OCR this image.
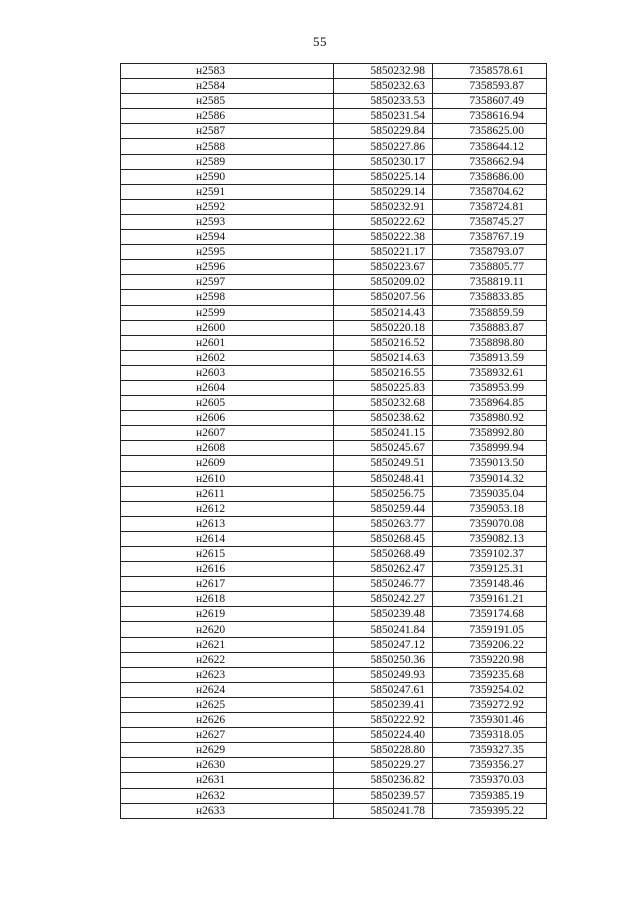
55
н2583	5850232.98	7358578.61
н2584	5850232.63	7358593.87
н2585	5850233.53	7358607.49
н2586	5850231.54	7358616.94
н2587	5850229.84	7358625.00
н2588	5850227.86	7358644.12
н2589	5850230.17	7358662.94
н2590	5850225.14	7358686.00
н2591	5850229.14	7358704.62
н2592	5850232.91	7358724.81
н2593	5850222.62	7358745.27
н2594	5850222.38	7358767.19
н2595	5850221.17	7358793.07
н2596	5850223.67	7358805.77
н2597	5850209.02	7358819.11
н2598	5850207.56	7358833.85
н2599	5850214.43	7358859.59
н2600	5850220.18	7358883.87
н2601	5850216.52	7358898.80
н2602	5850214.63	7358913.59
н2603	5850216.55	7358932.61
н2604	5850225.83	7358953.99
н2605	5850232.68	7358964.85
н2606	5850238.62	7358980.92
н2607	5850241.15	7358992.80
н2608	5850245.67	7358999.94
н2609	5850249.51	7359013.50
н2610	5850248.41	7359014.32
н2611	5850256.75	7359035.04
н2612	5850259.44	7359053.18
н2613	5850263.77	7359070.08
н2614	5850268.45	7359082.13
н2615	5850268.49	7359102.37
н2616	5850262.47	7359125.31
н2617	5850246.77	7359148.46
н2618	5850242.27	7359161.21
н2619	5850239.48	7359174.68
н2620	5850241.84	7359191.05
н2621	5850247.12	7359206.22
н2622	5850250.36	7359220.98
н2623	5850249.93	7359235.68
н2624	5850247.61	7359254.02
н2625	5850239.41	7359272.92
н2626	5850222.92	7359301.46
н2627	5850224.40	7359318.05
н2629	5850228.80	7359327.35
н2630	5850229.27	7359356.27
н2631	5850236.82	7359370.03
н2632	5850239.57	7359385.19
н2633	5850241.78	7359395.22
